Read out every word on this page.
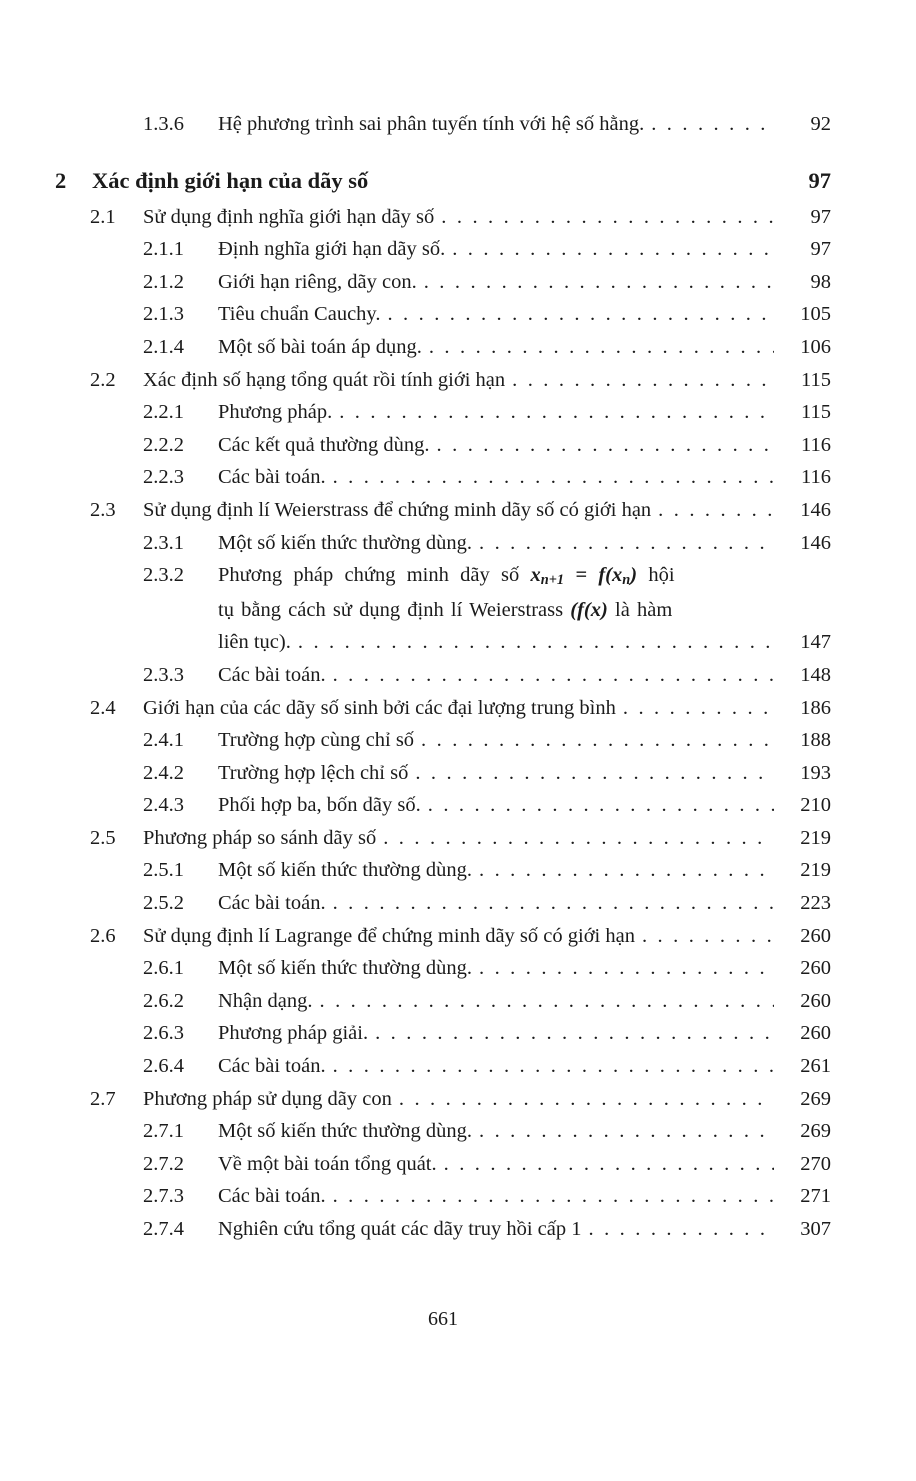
1.3.6	Hệ phương trình sai phân tuyến tính với hệ số hằng. . . .	92
2	Xác định giới hạn của dãy số	97
2.1	Sử dụng định nghĩa giới hạn dãy số . . .	97
2.1.1	Định nghĩa giới hạn dãy số. . . .	97
2.1.2	Giới hạn riêng, dãy con. . . .	98
2.1.3	Tiêu chuẩn Cauchy. . . .	105
2.1.4	Một số bài toán áp dụng. . . .	106
2.2	Xác định số hạng tổng quát rồi tính giới hạn . . .	115
2.2.1	Phương pháp. . . .	115
2.2.2	Các kết quả thường dùng. . . .	116
2.2.3	Các bài toán. . . .	116
2.3	Sử dụng định lí Weierstrass để chứng minh dãy số có giới hạn . . .	146
2.3.1	Một số kiến thức thường dùng. . . .	146
2.3.2	Phương pháp chứng minh dãy số x n+1 = f(x n ) hội
tụ bằng cách sử dụng định lí Weierstrass (f(x) là hàm
liên tục). . . .	147
2.3.3	Các bài toán. . . .	148
2.4	Giới hạn của các dãy số sinh bởi các đại lượng trung bình . . .	186
2.4.1	Trường hợp cùng chỉ số . . .	188
2.4.2	Trường hợp lệch chỉ số . . .	193
2.4.3	Phối hợp ba, bốn dãy số. . . .	210
2.5	Phương pháp so sánh dãy số . . .	219
2.5.1	Một số kiến thức thường dùng. . . .	219
2.5.2	Các bài toán. . . .	223
2.6	Sử dụng định lí Lagrange để chứng minh dãy số có giới hạn . . .	260
2.6.1	Một số kiến thức thường dùng. . . .	260
2.6.2	Nhận dạng. . . .	260
2.6.3	Phương pháp giải. . . .	260
2.6.4	Các bài toán. . . .	261
2.7	Phương pháp sử dụng dãy con . . .	269
2.7.1	Một số kiến thức thường dùng. . . .	269
2.7.2	Về một bài toán tổng quát. . . .	270
2.7.3	Các bài toán. . . .	271
2.7.4	Nghiên cứu tổng quát các dãy truy hồi cấp 1 . . .	307
661
